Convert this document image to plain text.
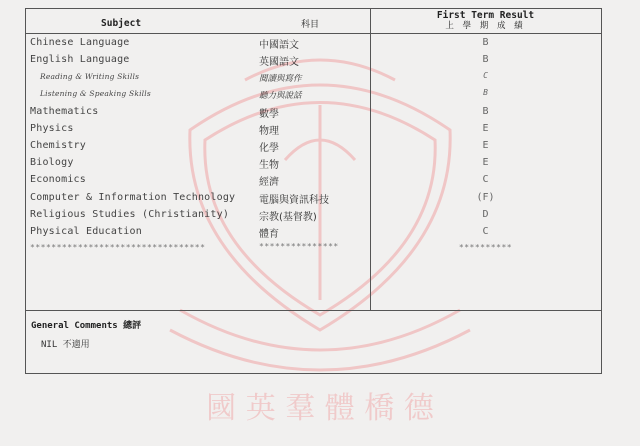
國 英 羣 體 橋 德
Subject	科目
First Term Result
上 學 期 成 績
Chinese Language	中國語文	B
English Language	英國語文	B
Reading & Writing Skills	閱讀與寫作	C
Listening & Speaking Skills	聽力與說話	B
Mathematics	數學	B
Physics	物理	E
Chemistry	化學	E
Biology	生物	E
Economics	經濟	C
Computer & Information Technology 電腦與資訊科技	(F)
Religious Studies (Christianity)	宗教(基督教)	D
Physical Education	體育	C
*********************************	***************	**********
General Comments 總評
NIL 不適用
